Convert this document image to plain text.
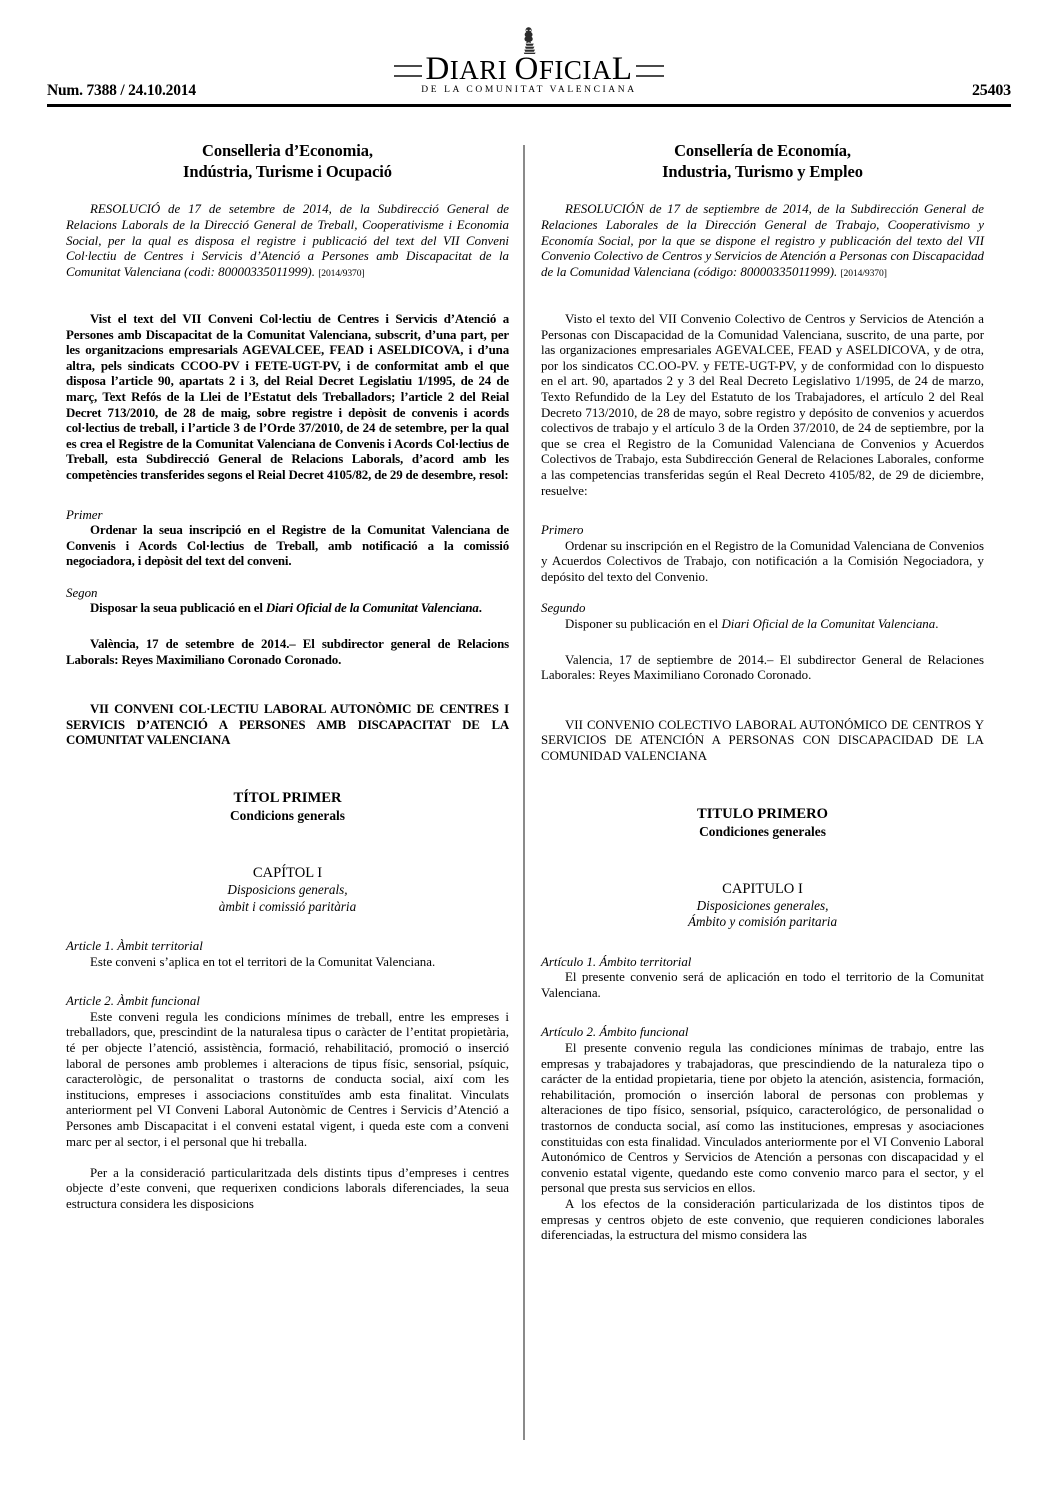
Num. 7388 / 24.10.2014
DIARI OFICIAL
DE LA COMUNITAT VALENCIANA	25403
Conselleria d’Economia,
Indústria, Turisme i Ocupació

RESOLUCIÓ de 17 de setembre de 2014, de la Subdirecció General de Relacions Laborals de la Direcció General de Treball, Cooperativisme i Economia Social, per la qual es disposa el registre i publicació del text del VII Conveni Col·lectiu de Centres i Servicis d’Atenció a Persones amb Discapacitat de la Comunitat Valenciana (codi: 80000335011999). [2014/9370]

Vist el text del VII Conveni Col·lectiu de Centres i Servicis d’Atenció a Persones amb Discapacitat de la Comunitat Valenciana, subscrit, d’una part, per les organitzacions empresarials AGEVALCEE, FEAD i ASELDICOVA, i d’una altra, pels sindicats CCOO-PV i FETE-UGT-PV, i de conformitat amb el que disposa l’article 90, apartats 2 i 3, del Reial Decret Legislatiu 1/1995, de 24 de març, Text Refós de la Llei de l’Estatut dels Treballadors; l’article 2 del Reial Decret 713/2010, de 28 de maig, sobre registre i depòsit de convenis i acords col·lectius de treball, i l’article 3 de l’Orde 37/2010, de 24 de setembre, per la qual es crea el Registre de la Comunitat Valenciana de Convenis i Acords Col·lectius de Treball, esta Subdirecció General de Relacions Laborals, d’acord amb les competències transferides segons el Reial Decret 4105/82, de 29 de desembre, resol:

Primer

Ordenar la seua inscripció en el Registre de la Comunitat Valenciana de Convenis i Acords Col·lectius de Treball, amb notificació a la comissió negociadora, i depòsit del text del conveni.

Segon

Disposar la seua publicació en el Diari Oficial de la Comunitat Valenciana.

València, 17 de setembre de 2014.– El subdirector general de Relacions Laborals: Reyes Maximiliano Coronado Coronado.

VII CONVENI COL·LECTIU LABORAL AUTONÒMIC DE CENTRES I SERVICIS D’ATENCIÓ A PERSONES AMB DISCAPACITAT DE LA COMUNITAT VALENCIANA

TÍTOL PRIMER

Condicions generals

CAPÍTOL I

Disposicions generals,

àmbit i comissió paritària

Article 1. Àmbit territorial

Este conveni s’aplica en tot el territori de la Comunitat Valenciana.

Article 2. Àmbit funcional

Este conveni regula les condicions mínimes de treball, entre les empreses i treballadors, que, prescindint de la naturalesa tipus o caràcter de l’entitat propietària, té per objecte l’atenció, assistència, formació, rehabilitació, promoció o inserció laboral de persones amb problemes i alteracions de tipus físic, sensorial, psíquic, caracterològic, de personalitat o trastorns de conducta social, així com les institucions, empreses i associacions constituïdes amb esta finalitat. Vinculats anteriorment pel VI Conveni Laboral Autonòmic de Centres i Servicis d’Atenció a Persones amb Discapacitat i el conveni estatal vigent, i queda este com a conveni marc per al sector, i el personal que hi treballa.

Per a la consideració particularitzada dels distints tipus d’empreses i centres objecte d’este conveni, que requerixen condicions laborals diferenciades, la seua estructura considera les disposicions

Consellería de Economía,
Industria, Turismo y Empleo

RESOLUCIÓN de 17 de septiembre de 2014, de la Subdirección General de Relaciones Laborales de la Dirección General de Trabajo, Cooperativismo y Economía Social, por la que se dispone el registro y publicación del texto del VII Convenio Colectivo de Centros y Servicios de Atención a Personas con Discapacidad de la Comunidad Valenciana (código: 80000335011999). [2014/9370]

Visto el texto del VII Convenio Colectivo de Centros y Servicios de Atención a Personas con Discapacidad de la Comunidad Valenciana, suscrito, de una parte, por las organizaciones empresariales AGEVALCEE, FEAD y ASELDICOVA, y de otra, por los sindicatos CC.OO-PV. y FETE-UGT-PV, y de conformidad con lo dispuesto en el art. 90, apartados 2 y 3 del Real Decreto Legislativo 1/1995, de 24 de marzo, Texto Refundido de la Ley del Estatuto de los Trabajadores, el artículo 2 del Real Decreto 713/2010, de 28 de mayo, sobre registro y depósito de convenios y acuerdos colectivos de trabajo y el artículo 3 de la Orden 37/2010, de 24 de septiembre, por la que se crea el Registro de la Comunidad Valenciana de Convenios y Acuerdos Colectivos de Trabajo, esta Subdirección General de Relaciones Laborales, conforme a las competencias transferidas según el Real Decreto 4105/82, de 29 de diciembre, resuelve:

Primero

Ordenar su inscripción en el Registro de la Comunidad Valenciana de Convenios y Acuerdos Colectivos de Trabajo, con notificación a la Comisión Negociadora, y depósito del texto del Convenio.

Segundo

Disponer su publicación en el Diari Oficial de la Comunitat Valenciana.

Valencia, 17 de septiembre de 2014.– El subdirector General de Relaciones Laborales: Reyes Maximiliano Coronado Coronado.

VII CONVENIO COLECTIVO LABORAL AUTONÓMICO DE CENTROS Y SERVICIOS DE ATENCIÓN A PERSONAS CON DISCAPACIDAD DE LA COMUNIDAD VALENCIANA

TITULO PRIMERO

Condiciones generales

CAPITULO I

Disposiciones generales,

Ámbito y comisión paritaria

Artículo 1. Ámbito territorial

El presente convenio será de aplicación en todo el territorio de la Comunitat Valenciana.

Artículo 2. Ámbito funcional

El presente convenio regula las condiciones mínimas de trabajo, entre las empresas y trabajadores y trabajadoras, que prescindiendo de la naturaleza tipo o carácter de la entidad propietaria, tiene por objeto la atención, asistencia, formación, rehabilitación, promoción o inserción laboral de personas con problemas y alteraciones de tipo físico, sensorial, psíquico, caracterológico, de personalidad o trastornos de conducta social, así como las instituciones, empresas y asociaciones constituidas con esta finalidad. Vinculados anteriormente por el VI Convenio Laboral Autonómico de Centros y Servicios de Atención a personas con discapacidad y el convenio estatal vigente, quedando este como convenio marco para el sector, y el personal que presta sus servicios en ellos.

A los efectos de la consideración particularizada de los distintos tipos de empresas y centros objeto de este convenio, que requieren condiciones laborales diferenciadas, la estructura del mismo considera las
